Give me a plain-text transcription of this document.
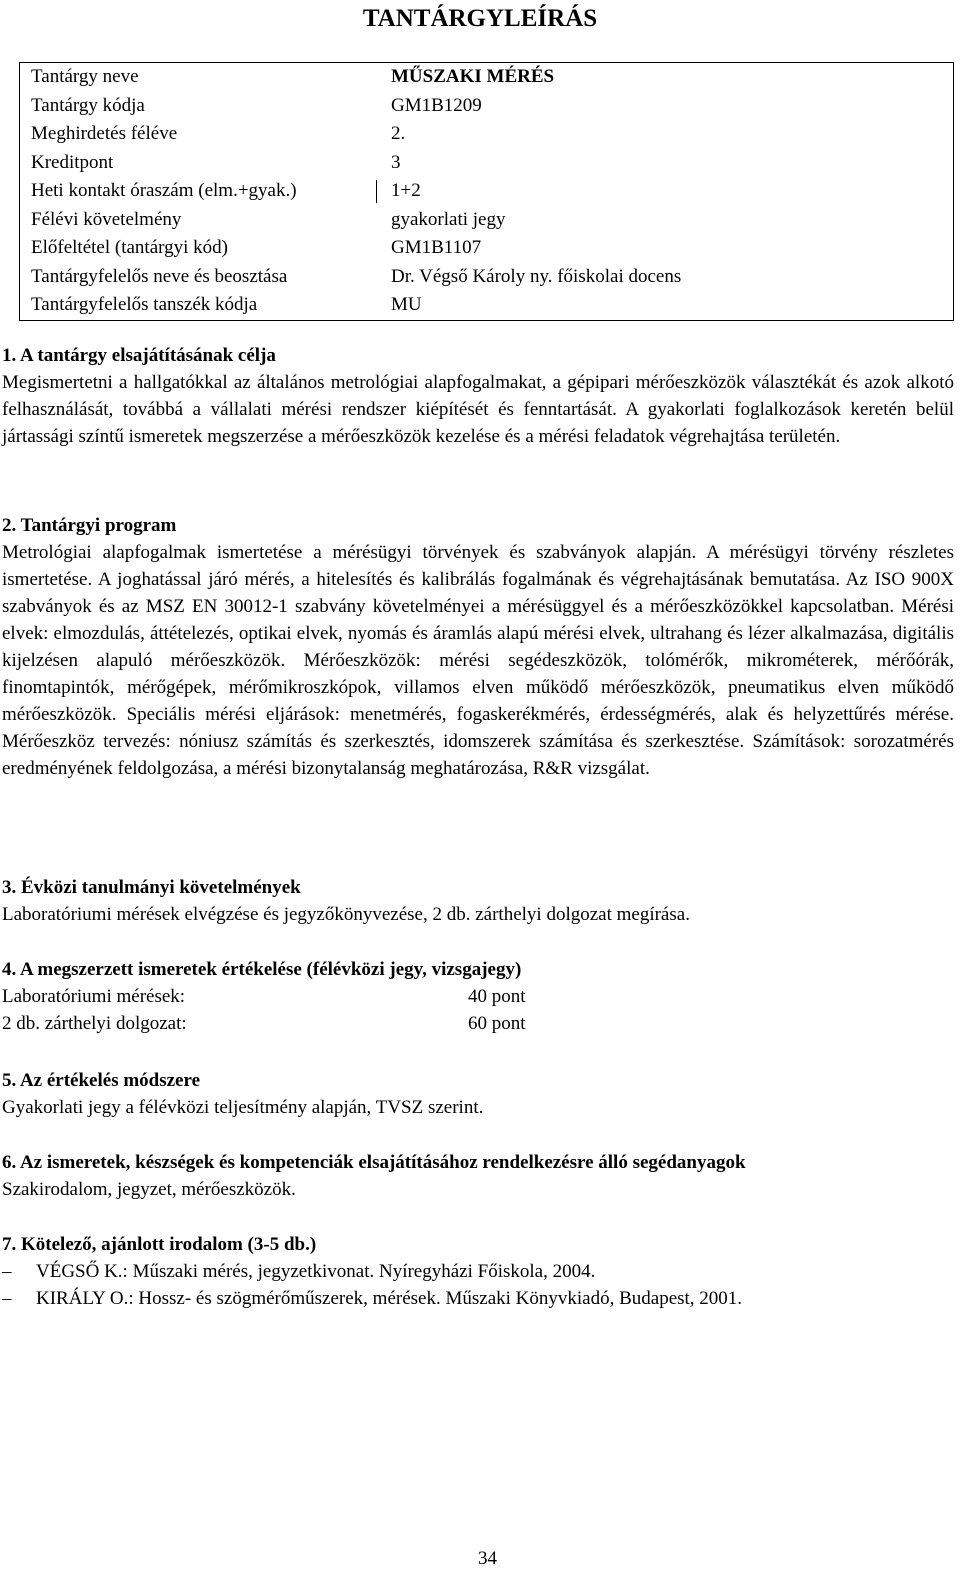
TANTÁRGYLEÍRÁS
Tantárgy neve	MŰSZAKI MÉRÉS
Tantárgy kódja	GM1B1209
Meghirdetés féléve	2.
Kreditpont	3
Heti kontakt óraszám (elm.+gyak.)	1+2
Félévi követelmény	gyakorlati jegy
Előfeltétel (tantárgyi kód)	GM1B1107
Tantárgyfelelős neve és beosztása	Dr. Végső Károly ny. főiskolai docens
Tantárgyfelelős tanszék kódja	MU
1. A tantárgy elsajátításának célja

Megismertetni a hallgatókkal az általános metrológiai alapfogalmakat, a gépipari mérőeszközök választékát és azok alkotó felhasználását, továbbá a vállalati mérési rendszer kiépítését és fenntartását. A gyakorlati foglalkozások keretén belül jártassági színtű ismeretek megszerzése a mérőeszközök kezelése és a mérési feladatok végrehajtása területén.

2. Tantárgyi program

Metrológiai alapfogalmak ismertetése a mérésügyi törvények és szabványok alapján. A mérésügyi törvény részletes ismertetése. A joghatással járó mérés, a hitelesítés és kalibrálás fogalmának és végrehajtásának bemutatása. Az ISO 900X szabványok és az MSZ EN 30012-1 szabvány követelményei a mérésüggyel és a mérőeszközökkel kapcsolatban. Mérési elvek: elmozdulás, áttételezés, optikai elvek, nyomás és áramlás alapú mérési elvek, ultrahang és lézer alkalmazása, digitális kijelzésen alapuló mérőeszközök. Mérőeszközök: mérési segédeszközök, tolómérők, mikrométerek, mérőórák, finomtapintók, mérőgépek, mérőmikroszkópok, villamos elven működő mérőeszközök, pneumatikus elven működő mérőeszközök. Speciális mérési eljárások: menetmérés, fogaskerékmérés, érdességmérés, alak és helyzettűrés mérése. Mérőeszköz tervezés: nóniusz számítás és szerkesztés, idomszerek számítása és szerkesztése. Számítások: sorozatmérés eredményének feldolgozása, a mérési bizonytalanság meghatározása, R&R vizsgálat.

3. Évközi tanulmányi követelmények

Laboratóriumi mérések elvégzése és jegyzőkönyvezése, 2 db. zárthelyi dolgozat megírása.

4. A megszerzett ismeretek értékelése (félévközi jegy, vizsgajegy)
Laboratóriumi mérések:	40 pont
2 db. zárthelyi dolgozat:	60 pont
5. Az értékelés módszere

Gyakorlati jegy a félévközi teljesítmény alapján, TVSZ szerint.

6. Az ismeretek, készségek és kompetenciák elsajátításához rendelkezésre álló segédanyagok

Szakirodalom, jegyzet, mérőeszközök.

7. Kötelező, ajánlott irodalom (3-5 db.)
–	VÉGSŐ K.: Műszaki mérés, jegyzetkivonat. Nyíregyházi Főiskola, 2004.
–	KIRÁLY O.: Hossz- és szögmérőműszerek, mérések. Műszaki Könyvkiadó, Budapest, 2001.
34
